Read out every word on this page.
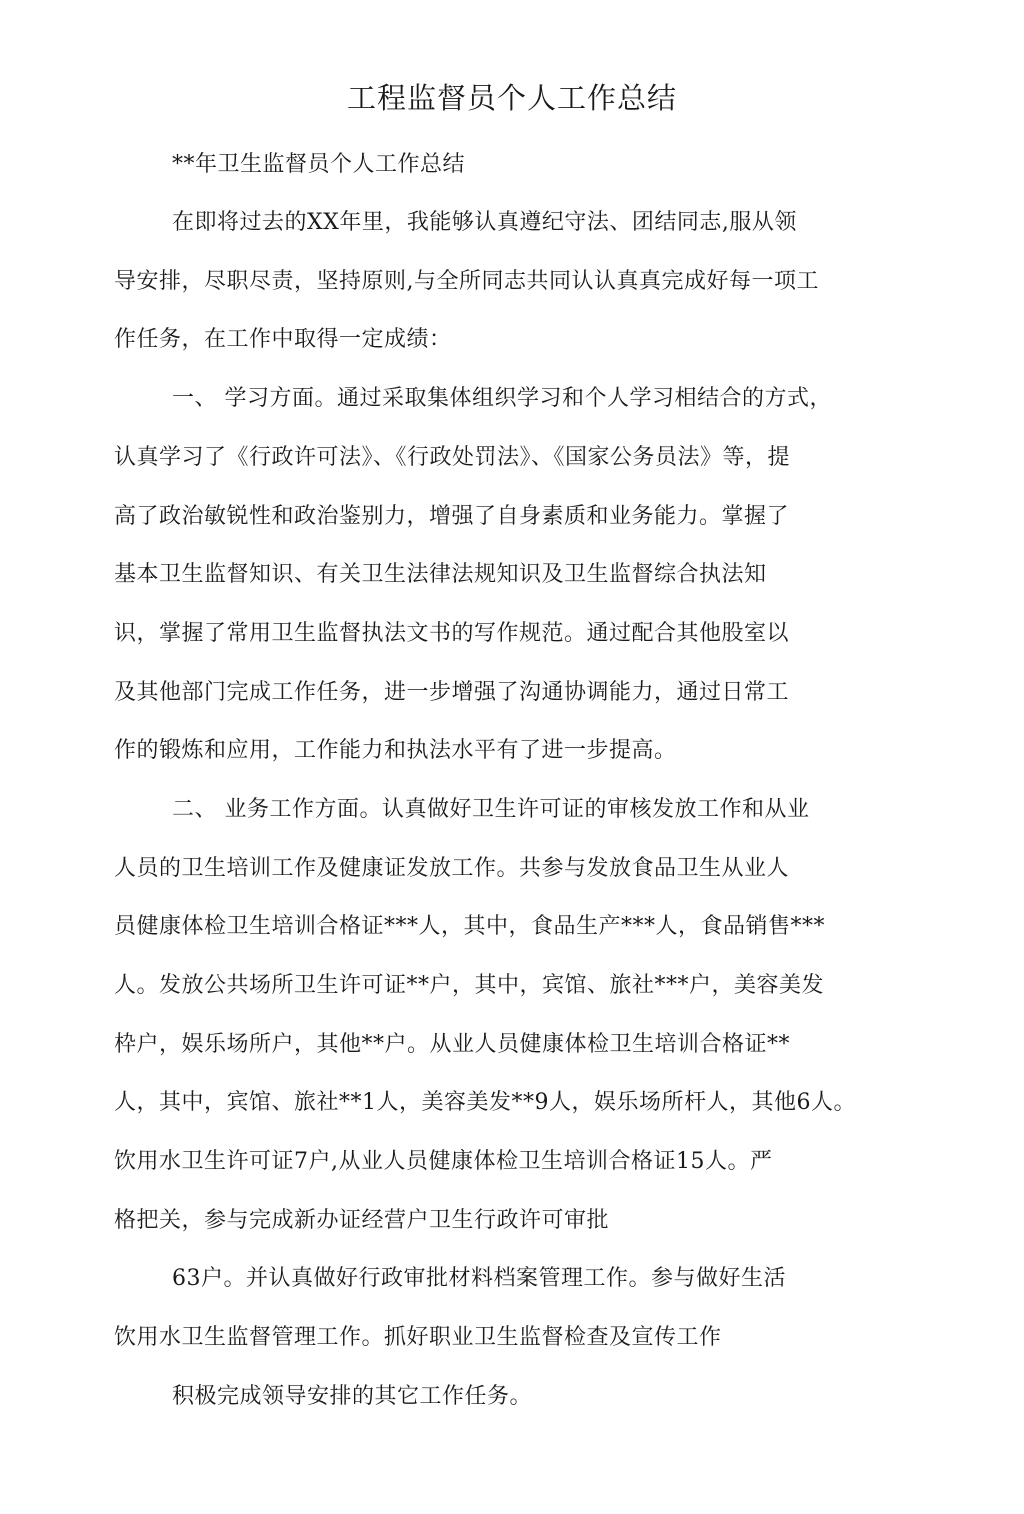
工程监督员个人工作总结
**年卫生监督员个人工作总结
在即将过去的XX年里，我能够认真遵纪守法、团结同志,服从领
导安排，尽职尽责，坚持原则,与全所同志共同认认真真完成好每一项工
作任务，在工作中取得一定成绩：
一、 学习方面。通过采取集体组织学习和个人学习相结合的方式，
认真学习了《行政许可法》、《行政处罚法》、《国家公务员法》等，提
高了政治敏锐性和政治鉴别力，增强了自身素质和业务能力。掌握了
基本卫生监督知识、有关卫生法律法规知识及卫生监督综合执法知
识，掌握了常用卫生监督执法文书的写作规范。通过配合其他股室以
及其他部门完成工作任务，进一步增强了沟通协调能力，通过日常工
作的锻炼和应用，工作能力和执法水平有了进一步提高。
二、 业务工作方面。认真做好卫生许可证的审核发放工作和从业
人员的卫生培训工作及健康证发放工作。共参与发放食品卫生从业人
员健康体检卫生培训合格证***人，其中，食品生产***人，食品销售***
人。发放公共场所卫生许可证**户，其中，宾馆、旅社***户，美容美发
枠户，娱乐场所户，其他**户。从业人员健康体检卫生培训合格证**
人，其中，宾馆、旅社**1人，美容美发**9人，娱乐场所杆人，其他6人。
饮用水卫生许可证7户,从业人员健康体检卫生培训合格证15人。严
格把关，参与完成新办证经营户卫生行政许可审批
63户。并认真做好行政审批材料档案管理工作。参与做好生活
饮用水卫生监督管理工作。抓好职业卫生监督检查及宣传工作
积极完成领导安排的其它工作任务。
